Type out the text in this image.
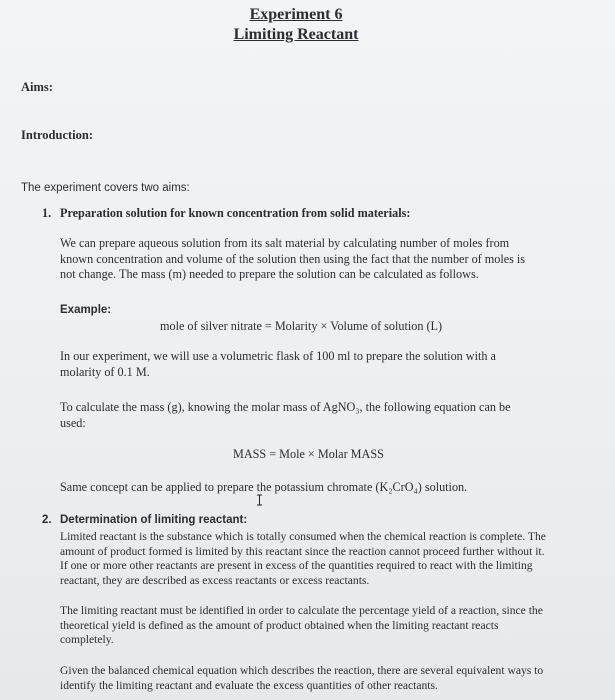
Experiment 6
Limiting Reactant
Aims:
Introduction:
The experiment covers two aims:
1. Preparation solution for known concentration from solid materials:
We can prepare aqueous solution from its salt material by calculating number of moles from
known concentration and volume of the solution then using the fact that the number of moles is
not change. The mass (m) needed to prepare the solution can be calculated as follows.
Example:
mole of silver nitrate = Molarity × Volume of solution (L)
In our experiment, we will use a volumetric flask of 100 ml to prepare the solution with a
molarity of 0.1 M.
To calculate the mass (g), knowing the molar mass of AgNO₃, the following equation can be
used:
MASS = Mole × Molar MASS
Same concept can be applied to prepare the potassium chromate (K₂CrO₄) solution.
2. Determination of limiting reactant:
Limited reactant is the substance which is totally consumed when the chemical reaction is complete. The
amount of product formed is limited by this reactant since the reaction cannot proceed further without it.
If one or more other reactants are present in excess of the quantities required to react with the limiting
reactant, they are described as excess reactants or excess reactants.
The limiting reactant must be identified in order to calculate the percentage yield of a reaction, since the
theoretical yield is defined as the amount of product obtained when the limiting reactant reacts
completely.
Given the balanced chemical equation which describes the reaction, there are several equivalent ways to
identify the limiting reactant and evaluate the excess quantities of other reactants.
